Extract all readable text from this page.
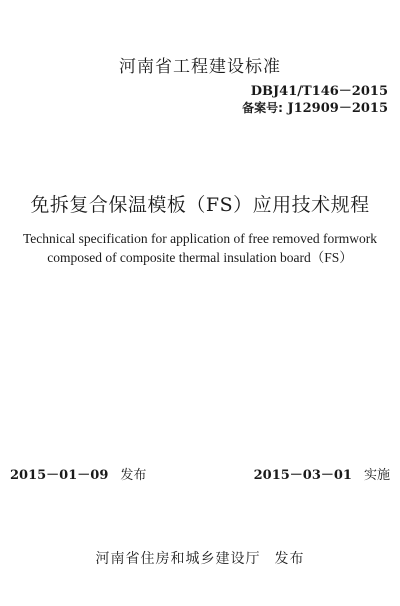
河南省工程建设标准
DBJ41/T146－2015
备案号: J12909－2015
免拆复合保温模板（FS）应用技术规程
Technical specification for application of free removed formwork
composed of composite thermal insulation board（FS）
2015－01－09 发布	2015－03－01 实施
河南省住房和城乡建设厅 发布
